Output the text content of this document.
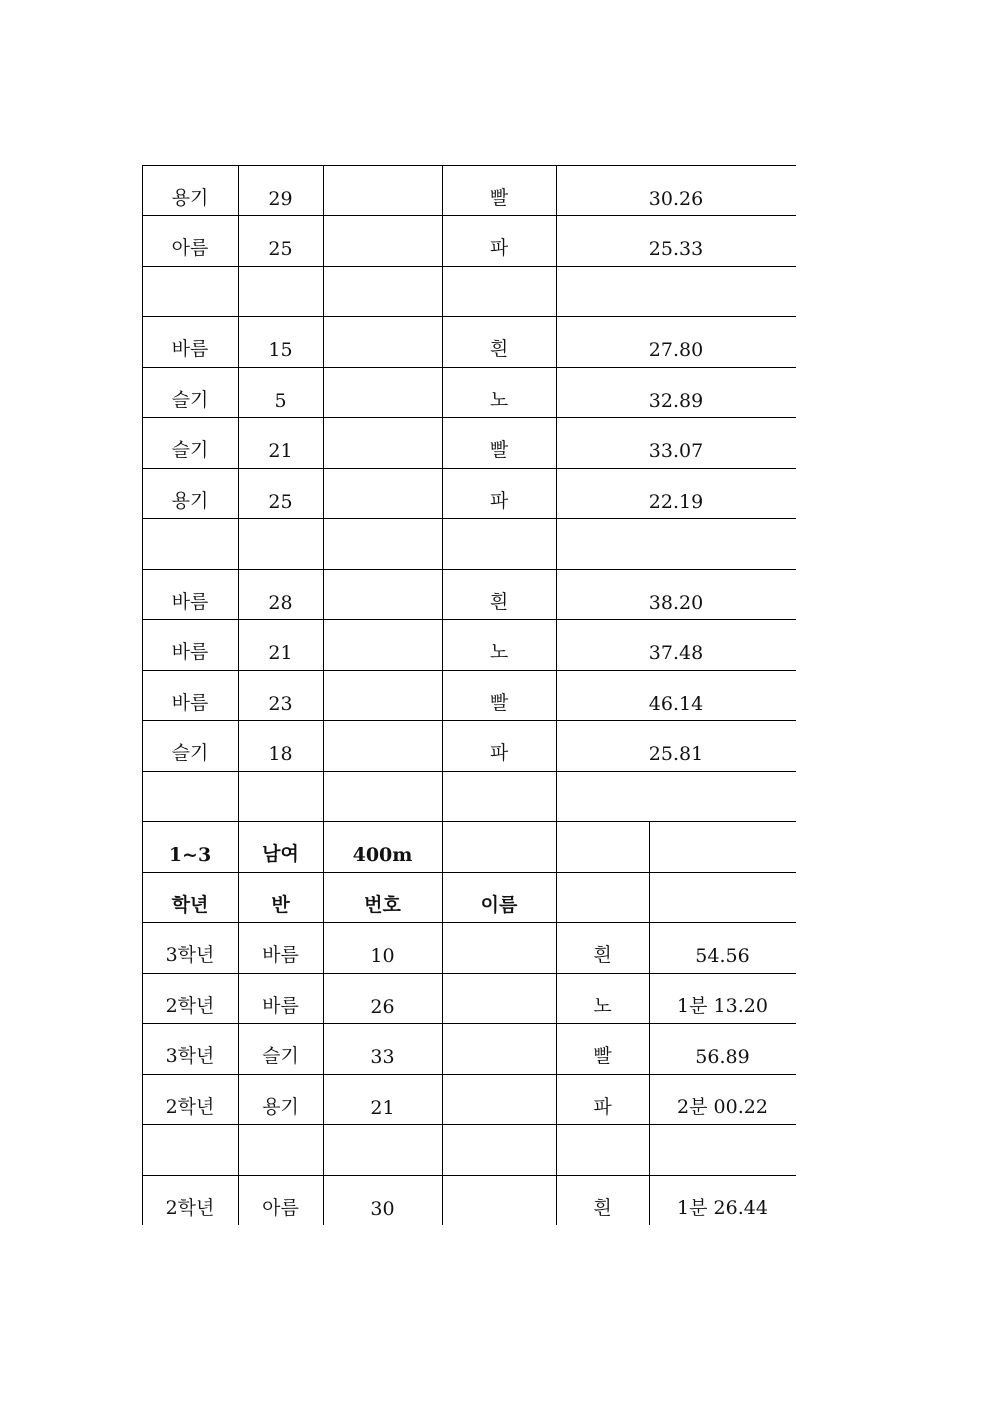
용기	29	빨	30.26
아름	25	파	25.33
바름	15	흰	27.80
슬기	5	노	32.89
슬기	21	빨	33.07
용기	25	파	22.19
바름	28	흰	38.20
바름	21	노	37.48
바름	23	빨	46.14
슬기	18	파	25.81
1~3	남여	400m
학년	반	번호	이름
3학년	바름	10	흰	54.56
2학년	바름	26	노	1분 13.20
3학년	슬기	33	빨	56.89
2학년	용기	21	파	2분 00.22
2학년	아름	30	흰	1분 26.44
